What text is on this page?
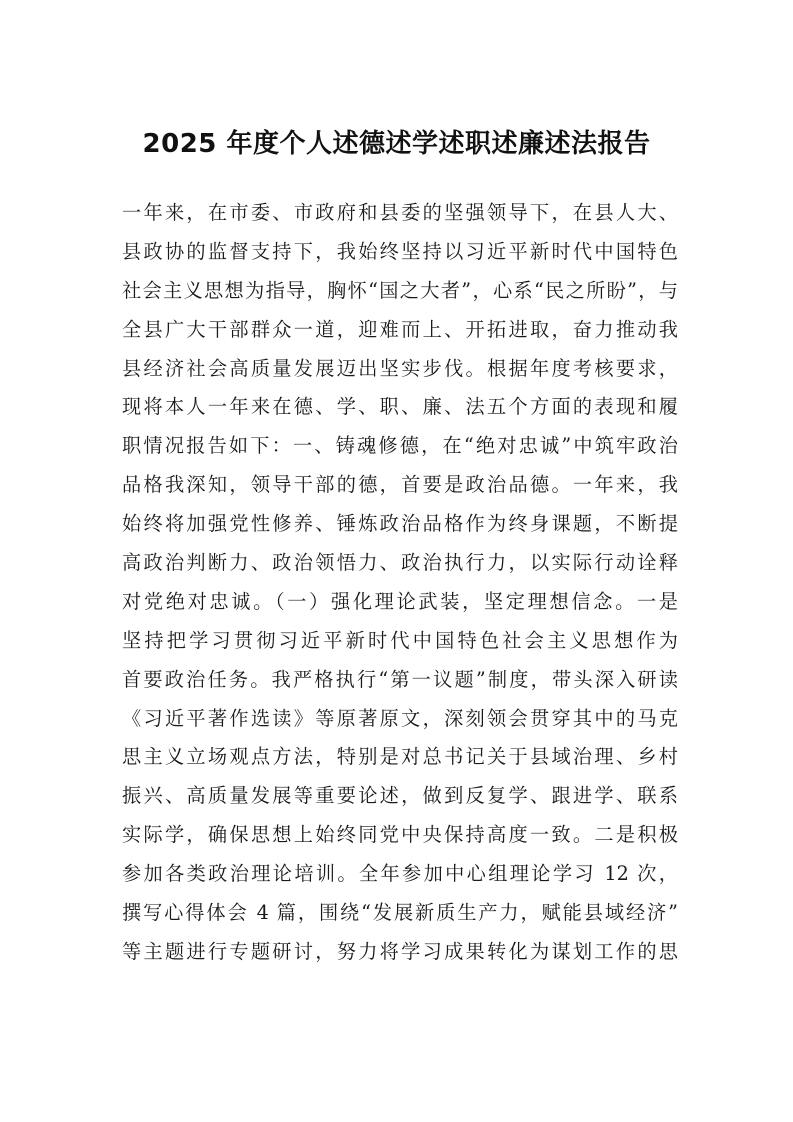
2025 年度个人述德述学述职述廉述法报告
一年来，在市委、市政府和县委的坚强领导下，在县人大、
县政协的监督支持下，我始终坚持以习近平新时代中国特色
社会主义思想为指导，胸怀“国之大者”，心系“民之所盼”，与
全县广大干部群众一道，迎难而上、开拓进取，奋力推动我
县经济社会高质量发展迈出坚实步伐。根据年度考核要求，
现将本人一年来在德、学、职、廉、法五个方面的表现和履
职情况报告如下：一、铸魂修德，在“绝对忠诚”中筑牢政治
品格我深知，领导干部的德，首要是政治品德。一年来，我
始终将加强党性修养、锤炼政治品格作为终身课题，不断提
高政治判断力、政治领悟力、政治执行力，以实际行动诠释
对党绝对忠诚。（一）强化理论武装，坚定理想信念。一是
坚持把学习贯彻习近平新时代中国特色社会主义思想作为
首要政治任务。我严格执行“第一议题”制度，带头深入研读
《习近平著作选读》等原著原文，深刻领会贯穿其中的马克
思主义立场观点方法，特别是对总书记关于县域治理、乡村
振兴、高质量发展等重要论述，做到反复学、跟进学、联系
实际学，确保思想上始终同党中央保持高度一致。二是积极
参加各类政治理论培训。全年参加中心组理论学习 12 次，
撰写心得体会 4 篇，围绕“发展新质生产力，赋能县域经济”
等主题进行专题研讨，努力将学习成果转化为谋划工作的思
